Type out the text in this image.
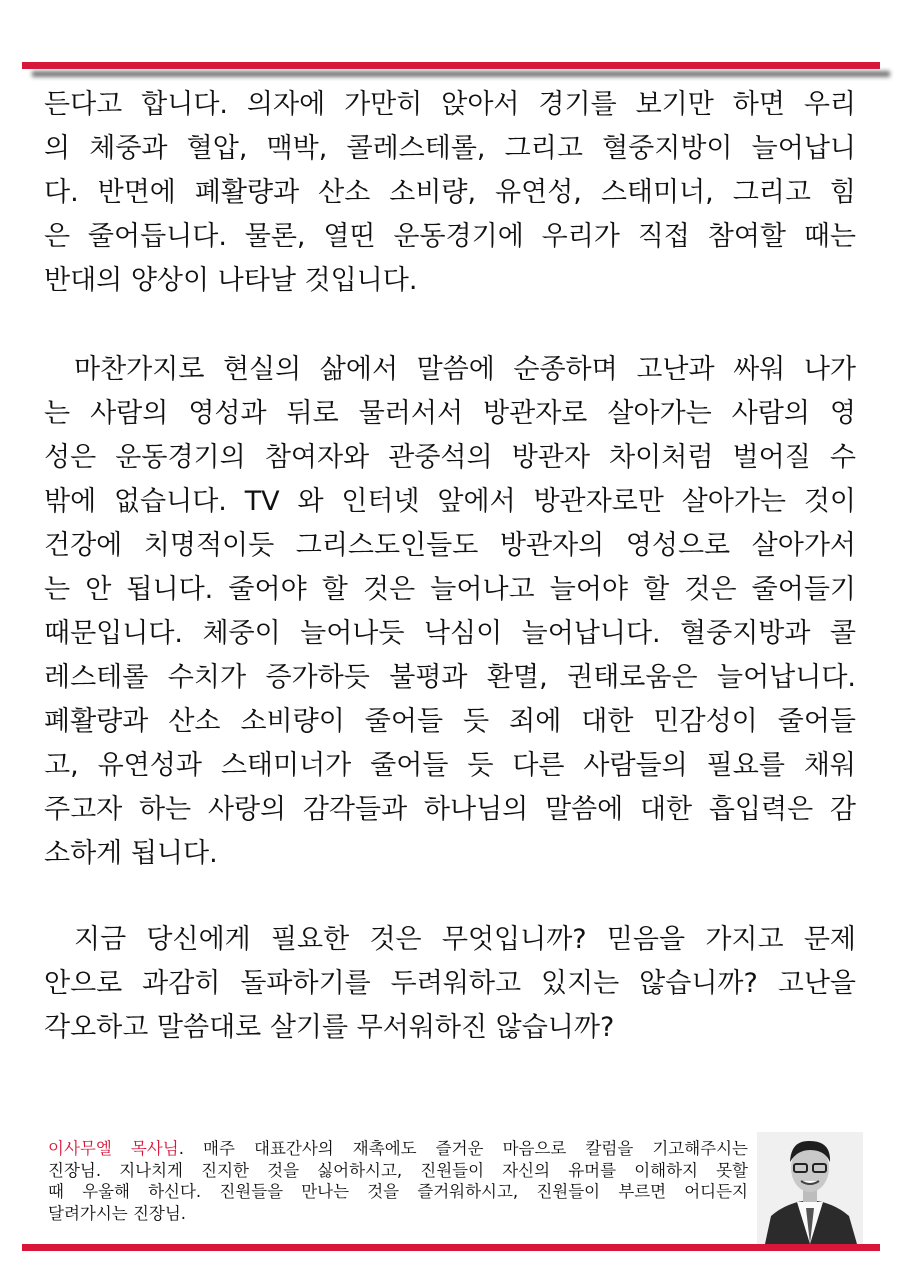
든다고 합니다. 의자에 가만히 앉아서 경기를 보기만 하면 우리
의 체중과 혈압, 맥박, 콜레스테롤, 그리고 혈중지방이 늘어납니
다. 반면에 폐활량과 산소 소비량, 유연성, 스태미너, 그리고 힘
은 줄어듭니다. 물론, 열띤 운동경기에 우리가 직접 참여할 때는
반대의 양상이 나타날 것입니다.
마찬가지로 현실의 삶에서 말씀에 순종하며 고난과 싸워 나가
는 사람의 영성과 뒤로 물러서서 방관자로 살아가는 사람의 영
성은 운동경기의 참여자와 관중석의 방관자 차이처럼 벌어질 수
밖에 없습니다. TV 와 인터넷 앞에서 방관자로만 살아가는 것이
건강에 치명적이듯 그리스도인들도 방관자의 영성으로 살아가서
는 안 됩니다. 줄어야 할 것은 늘어나고 늘어야 할 것은 줄어들기
때문입니다. 체중이 늘어나듯 낙심이 늘어납니다. 혈중지방과 콜
레스테롤 수치가 증가하듯 불평과 환멸, 권태로움은 늘어납니다.
폐활량과 산소 소비량이 줄어들 듯 죄에 대한 민감성이 줄어들
고, 유연성과 스태미너가 줄어들 듯 다른 사람들의 필요를 채워
주고자 하는 사랑의 감각들과 하나님의 말씀에 대한 흡입력은 감
소하게 됩니다.
지금 당신에게 필요한 것은 무엇입니까? 믿음을 가지고 문제
안으로 과감히 돌파하기를 두려워하고 있지는 않습니까? 고난을
각오하고 말씀대로 살기를 무서워하진 않습니까?
이사무엘 목사님. 매주 대표간사의 재촉에도 즐거운 마음으로 칼럼을 기고해주시는
진장님. 지나치게 진지한 것을 싫어하시고, 진원들이 자신의 유머를 이해하지 못할
때 우울해 하신다. 진원들을 만나는 것을 즐거워하시고, 진원들이 부르면 어디든지
달려가시는 진장님.
